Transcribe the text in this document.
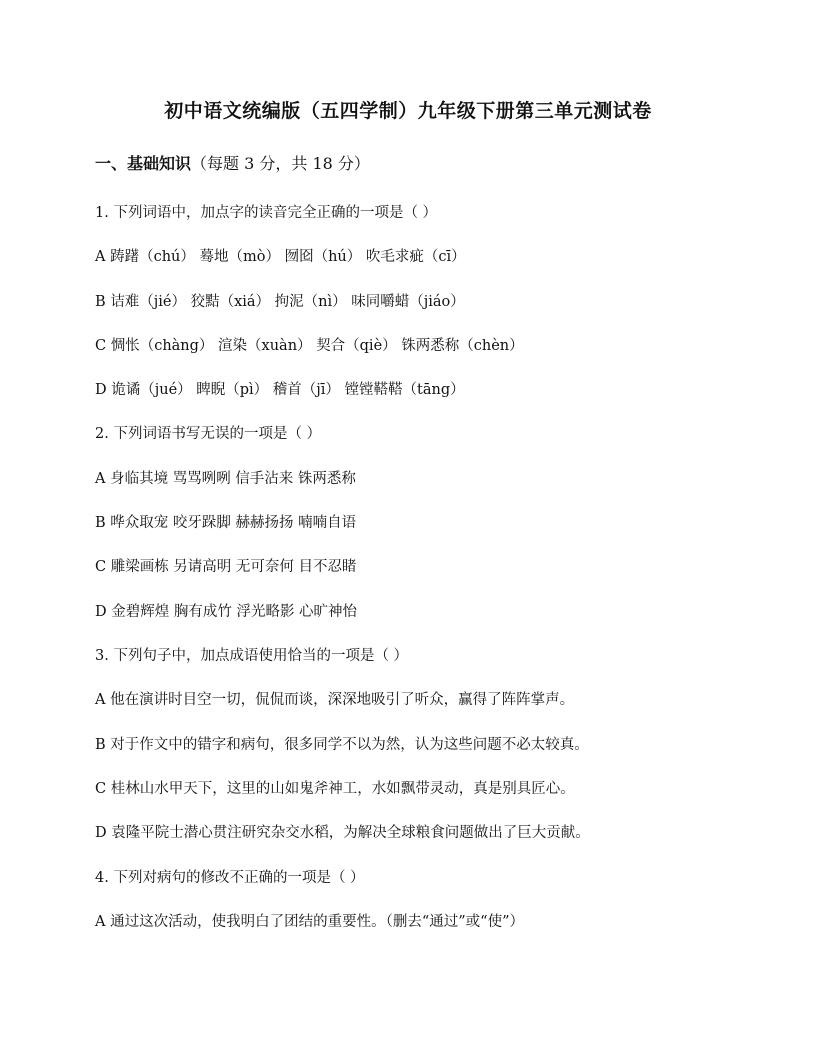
初中语文统编版（五四学制）九年级下册第三单元测试卷
一、基础知识（每题 3 分，共 18 分）
1. 下列词语中，加点字的读音完全正确的一项是（ ）
A 踌躇（chú） 蓦地（mò） 囫囵（hú） 吹毛求疵（cī）
B 诘难（jié） 狡黠（xiá） 拘泥（nì） 味同嚼蜡（jiáo）
C 惆怅（chàng） 渲染（xuàn） 契合（qiè） 铢两悉称（chèn）
D 诡谲（jué） 睥睨（pì） 稽首（jī） 镗镗鞳鞳（tāng）
2. 下列词语书写无误的一项是（ ）
A 身临其境 骂骂咧咧 信手沾来 铢两悉称
B 哗众取宠 咬牙跺脚 赫赫扬扬 喃喃自语
C 雕梁画栋 另请高明 无可奈何 目不忍睹
D 金碧辉煌 胸有成竹 浮光略影 心旷神怡
3. 下列句子中，加点成语使用恰当的一项是（ ）
A 他在演讲时目空一切，侃侃而谈，深深地吸引了听众，赢得了阵阵掌声。
B 对于作文中的错字和病句，很多同学不以为然，认为这些问题不必太较真。
C 桂林山水甲天下，这里的山如鬼斧神工，水如飘带灵动，真是别具匠心。
D 袁隆平院士潜心贯注研究杂交水稻，为解决全球粮食问题做出了巨大贡献。
4. 下列对病句的修改不正确的一项是（ ）
A 通过这次活动，使我明白了团结的重要性。（删去“通过”或“使”）
